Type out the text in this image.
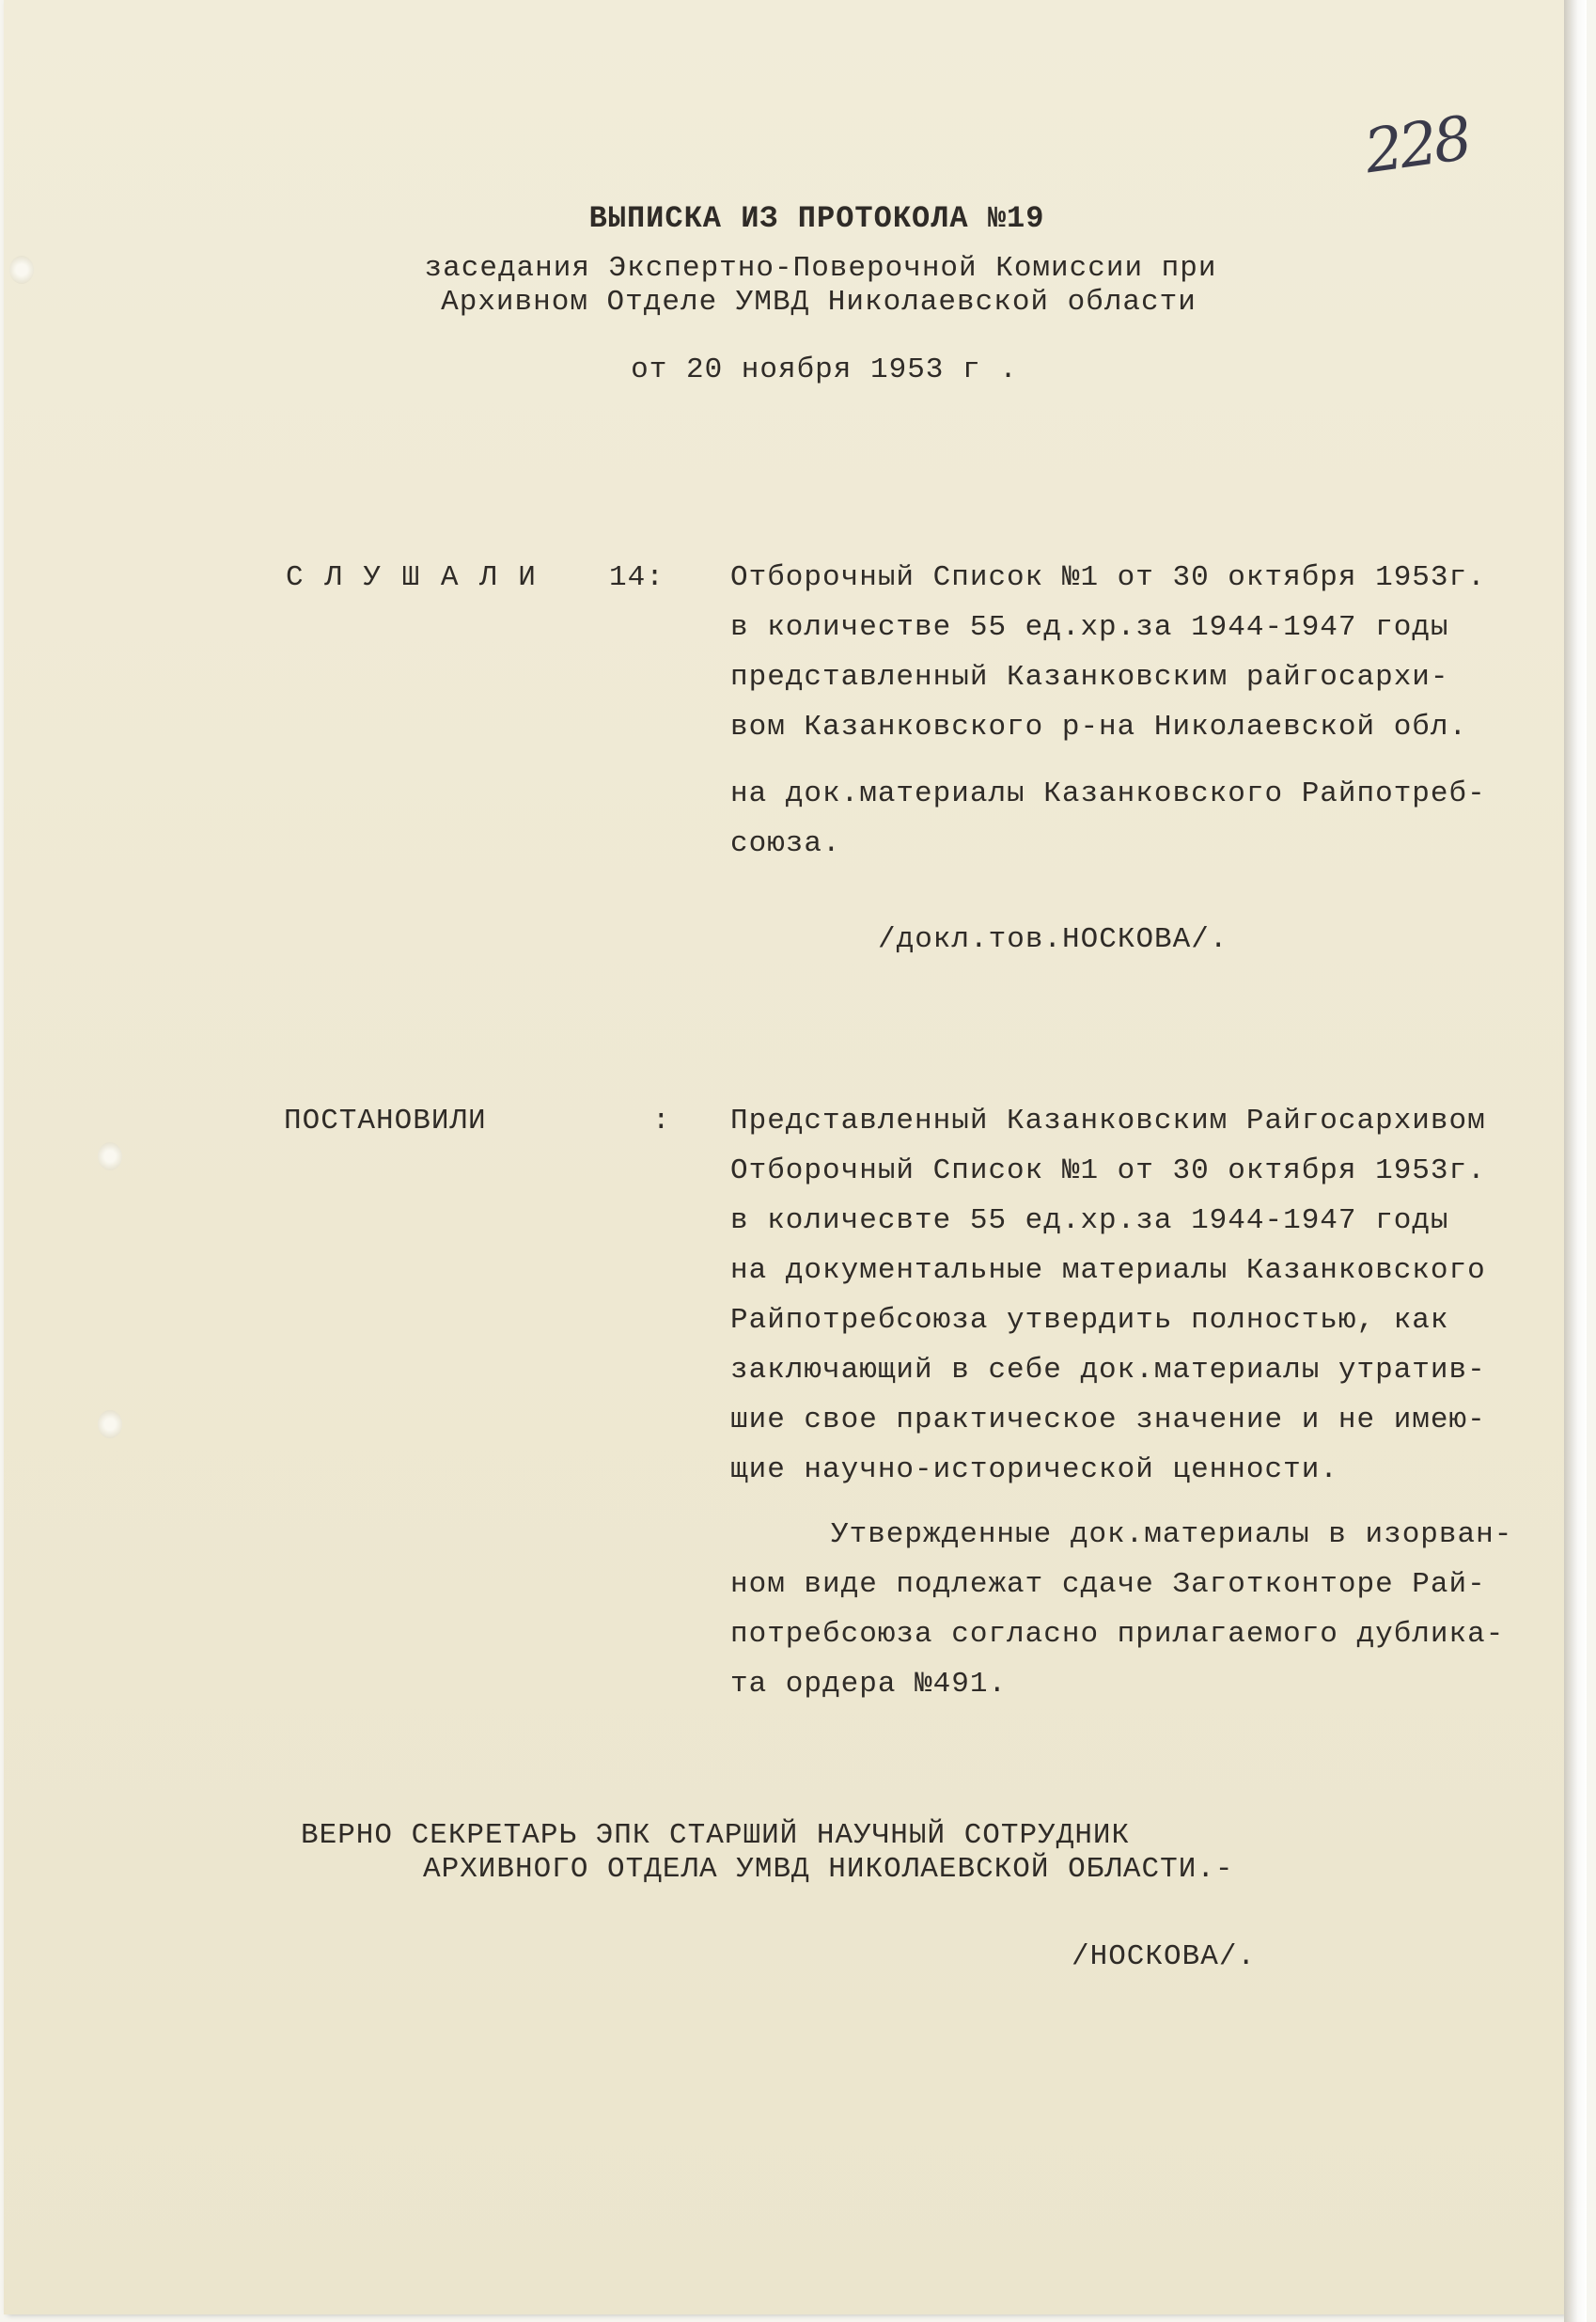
228
ВЫПИСКА ИЗ ПРОТОКОЛА №19
заседания Экспертно-Поверочной Комиссии при
Архивном Отделе УМВД Николаевской области
от 20 ноября 1953 г .
С Л У Ш А Л И 14: Отборочный Список №1 от 30 октября 1953г.
в количестве 55 ед.хр.за 1944-1947 годы
представленный Казанковским райгосархи-
вом Казанковского р-на Николаевской обл.
на док.материалы Казанковского Райпотреб-
союза.
/докл.тов.НОСКОВА/.
ПОСТАНОВИЛИ	: Представленный Казанковским Райгосархивом
Отборочный Список №1 от 30 октября 1953г.
в количесвте 55 ед.хр.за 1944-1947 годы
на документальные материалы Казанковского
Райпотребсоюза утвердить полностью, как
заключающий в себе док.материалы утратив-
шие свое практическое значение и не имею-
щие научно-исторической ценности.
Утвержденные док.материалы в изорван-
ном виде подлежат сдаче Заготконторе Рай-
потребсоюза согласно прилагаемого дублика-
та ордера №491.
ВЕРНО СЕКРЕТАРЬ ЭПК СТАРШИЙ НАУЧНЫЙ СОТРУДНИК
АРХИВНОГО ОТДЕЛА УМВД НИКОЛАЕВСКОЙ ОБЛАСТИ.-
/НОСКОВА/.
